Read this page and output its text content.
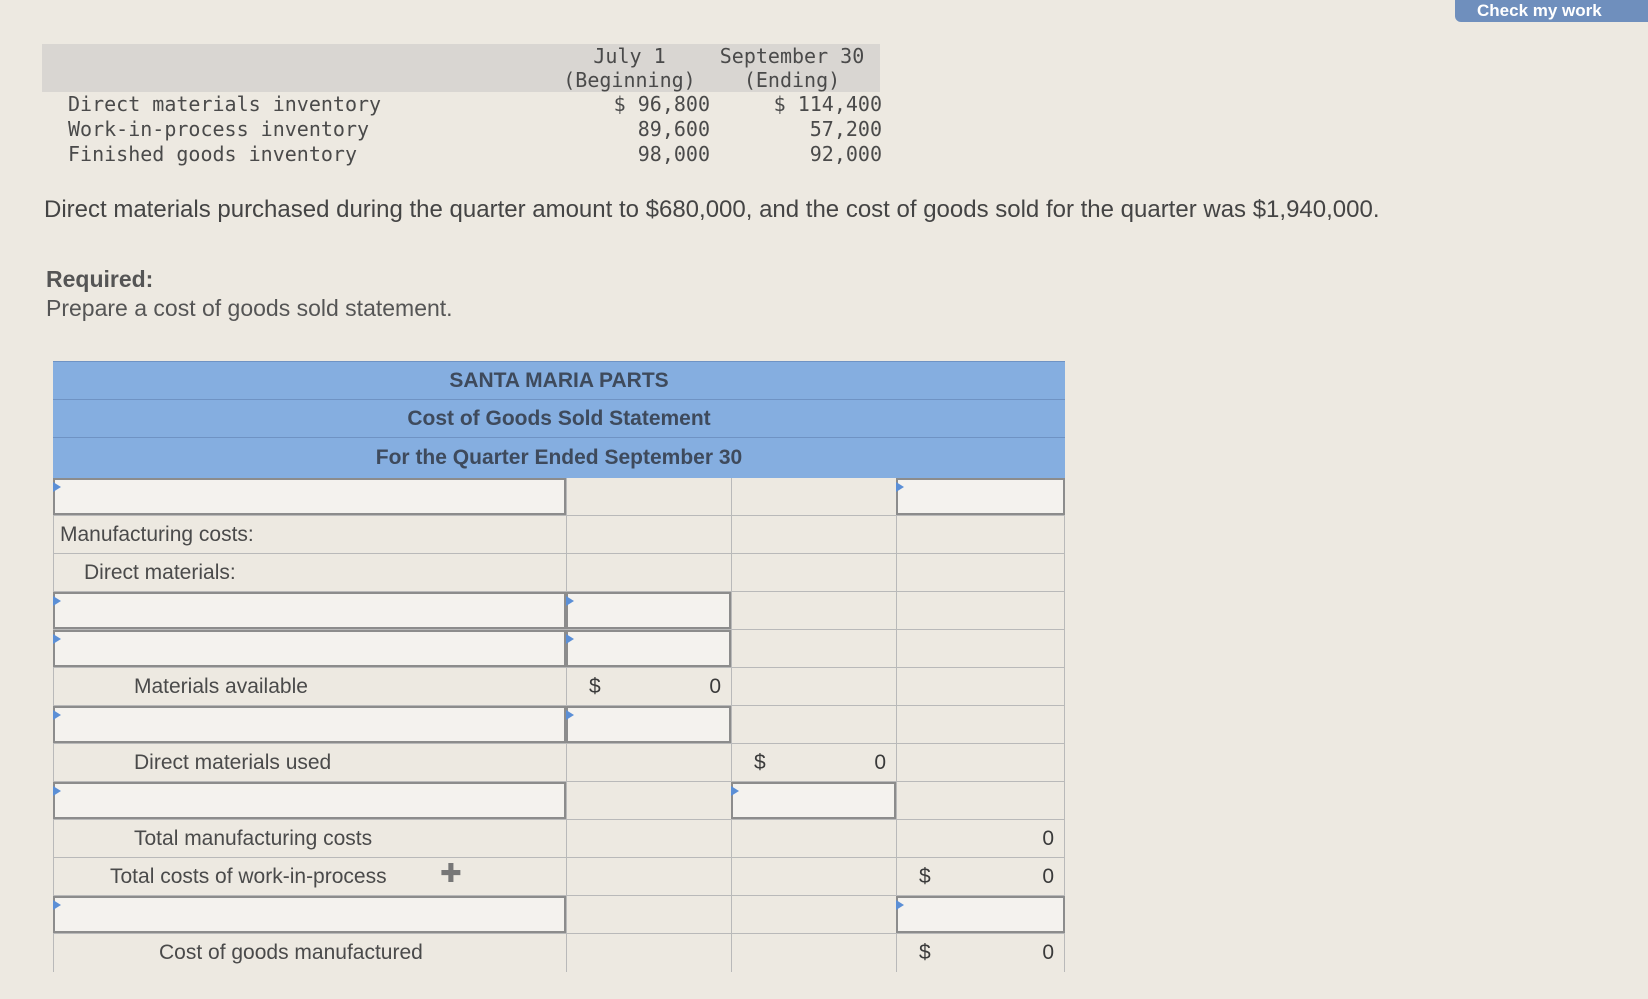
Check my work
July 1
(Beginning)
September 30
(Ending)
Direct materials inventory	$ 96,800	$ 114,400
Work-in-process inventory	89,600	57,200
Finished goods inventory	98,000	92,000
Direct materials purchased during the quarter amount to $680,000, and the cost of goods sold for the quarter was $1,940,000.
Required:
Prepare a cost of goods sold statement.
SANTA MARIA PARTS
Cost of Goods Sold Statement
For the Quarter Ended September 30
Manufacturing costs:
Direct materials:
Materials available	$	0
Direct materials used	$	0
Total manufacturing costs	0
Total costs of work-in-process	$	0
Cost of goods manufactured	$	0
✚
